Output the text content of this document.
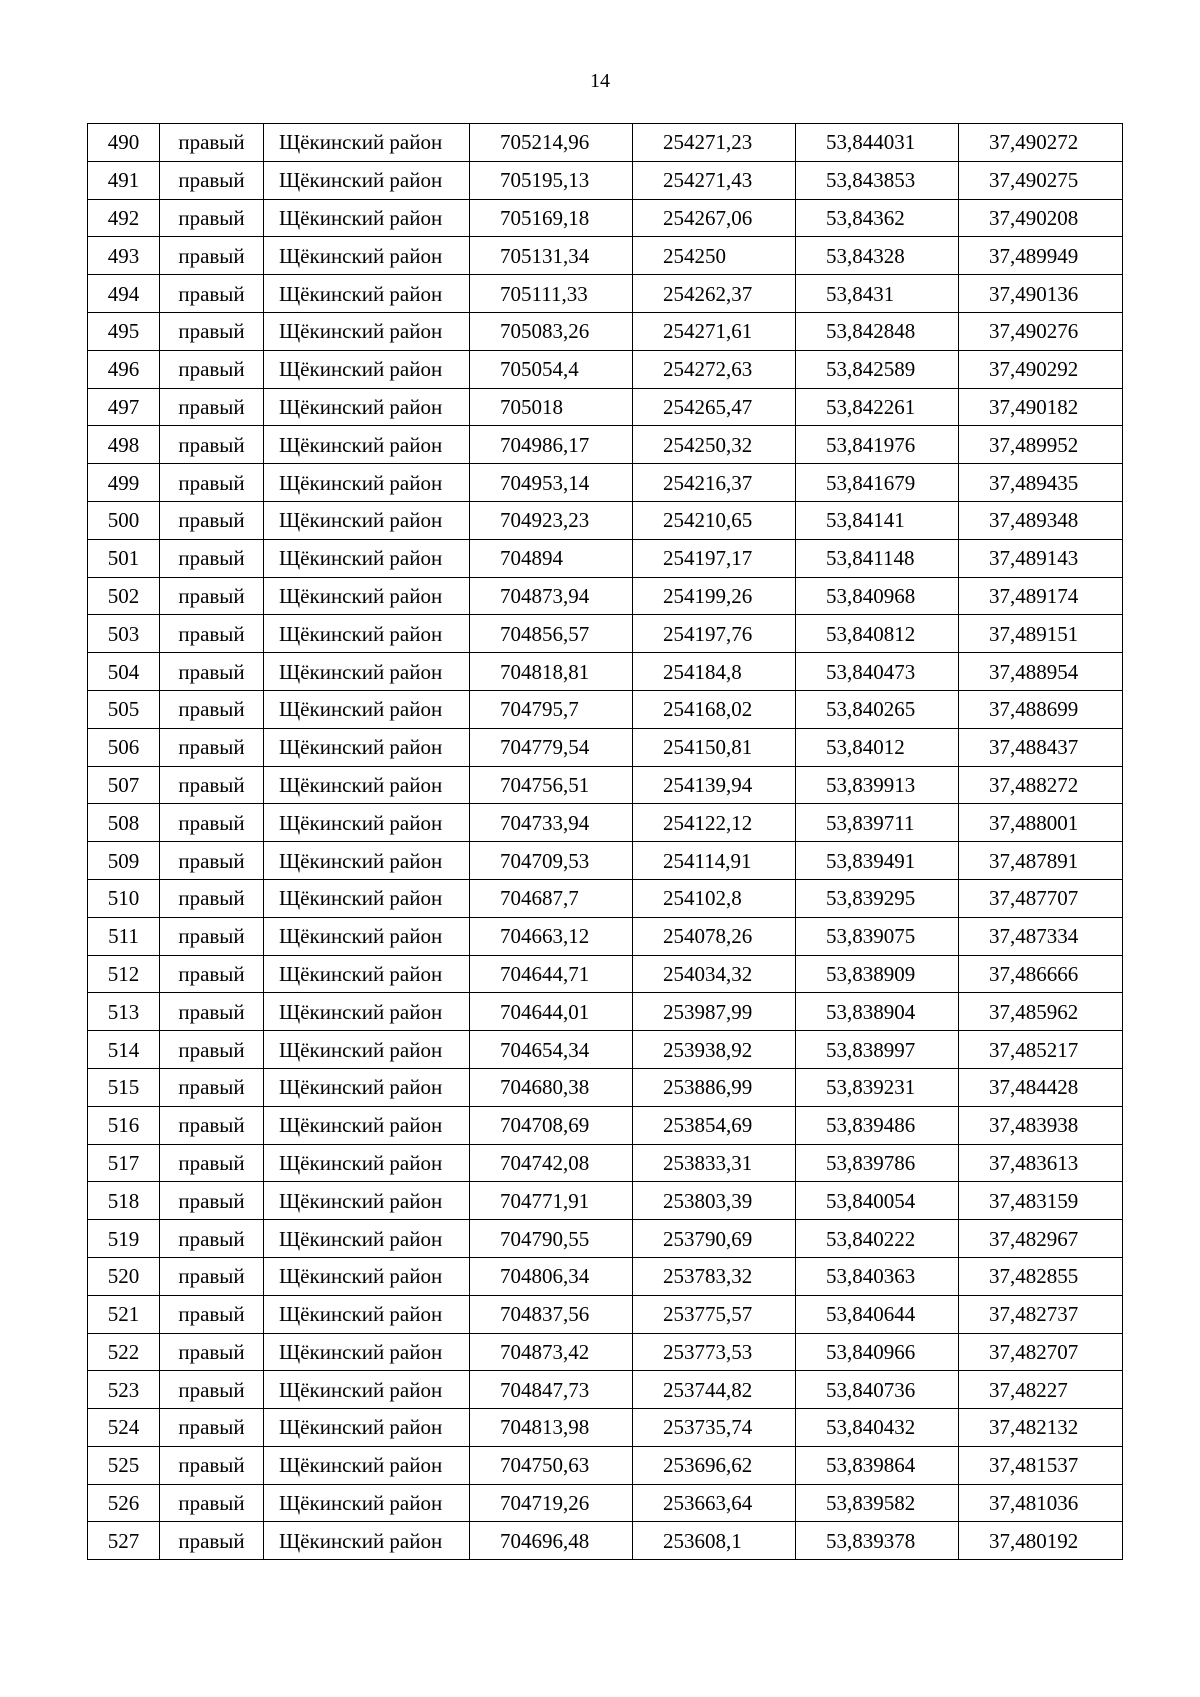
14
490	правый	Щёкинский район	705214,96	254271,23	53,844031	37,490272
491	правый	Щёкинский район	705195,13	254271,43	53,843853	37,490275
492	правый	Щёкинский район	705169,18	254267,06	53,84362	37,490208
493	правый	Щёкинский район	705131,34	254250	53,84328	37,489949
494	правый	Щёкинский район	705111,33	254262,37	53,8431	37,490136
495	правый	Щёкинский район	705083,26	254271,61	53,842848	37,490276
496	правый	Щёкинский район	705054,4	254272,63	53,842589	37,490292
497	правый	Щёкинский район	705018	254265,47	53,842261	37,490182
498	правый	Щёкинский район	704986,17	254250,32	53,841976	37,489952
499	правый	Щёкинский район	704953,14	254216,37	53,841679	37,489435
500	правый	Щёкинский район	704923,23	254210,65	53,84141	37,489348
501	правый	Щёкинский район	704894	254197,17	53,841148	37,489143
502	правый	Щёкинский район	704873,94	254199,26	53,840968	37,489174
503	правый	Щёкинский район	704856,57	254197,76	53,840812	37,489151
504	правый	Щёкинский район	704818,81	254184,8	53,840473	37,488954
505	правый	Щёкинский район	704795,7	254168,02	53,840265	37,488699
506	правый	Щёкинский район	704779,54	254150,81	53,84012	37,488437
507	правый	Щёкинский район	704756,51	254139,94	53,839913	37,488272
508	правый	Щёкинский район	704733,94	254122,12	53,839711	37,488001
509	правый	Щёкинский район	704709,53	254114,91	53,839491	37,487891
510	правый	Щёкинский район	704687,7	254102,8	53,839295	37,487707
511	правый	Щёкинский район	704663,12	254078,26	53,839075	37,487334
512	правый	Щёкинский район	704644,71	254034,32	53,838909	37,486666
513	правый	Щёкинский район	704644,01	253987,99	53,838904	37,485962
514	правый	Щёкинский район	704654,34	253938,92	53,838997	37,485217
515	правый	Щёкинский район	704680,38	253886,99	53,839231	37,484428
516	правый	Щёкинский район	704708,69	253854,69	53,839486	37,483938
517	правый	Щёкинский район	704742,08	253833,31	53,839786	37,483613
518	правый	Щёкинский район	704771,91	253803,39	53,840054	37,483159
519	правый	Щёкинский район	704790,55	253790,69	53,840222	37,482967
520	правый	Щёкинский район	704806,34	253783,32	53,840363	37,482855
521	правый	Щёкинский район	704837,56	253775,57	53,840644	37,482737
522	правый	Щёкинский район	704873,42	253773,53	53,840966	37,482707
523	правый	Щёкинский район	704847,73	253744,82	53,840736	37,48227
524	правый	Щёкинский район	704813,98	253735,74	53,840432	37,482132
525	правый	Щёкинский район	704750,63	253696,62	53,839864	37,481537
526	правый	Щёкинский район	704719,26	253663,64	53,839582	37,481036
527	правый	Щёкинский район	704696,48	253608,1	53,839378	37,480192
